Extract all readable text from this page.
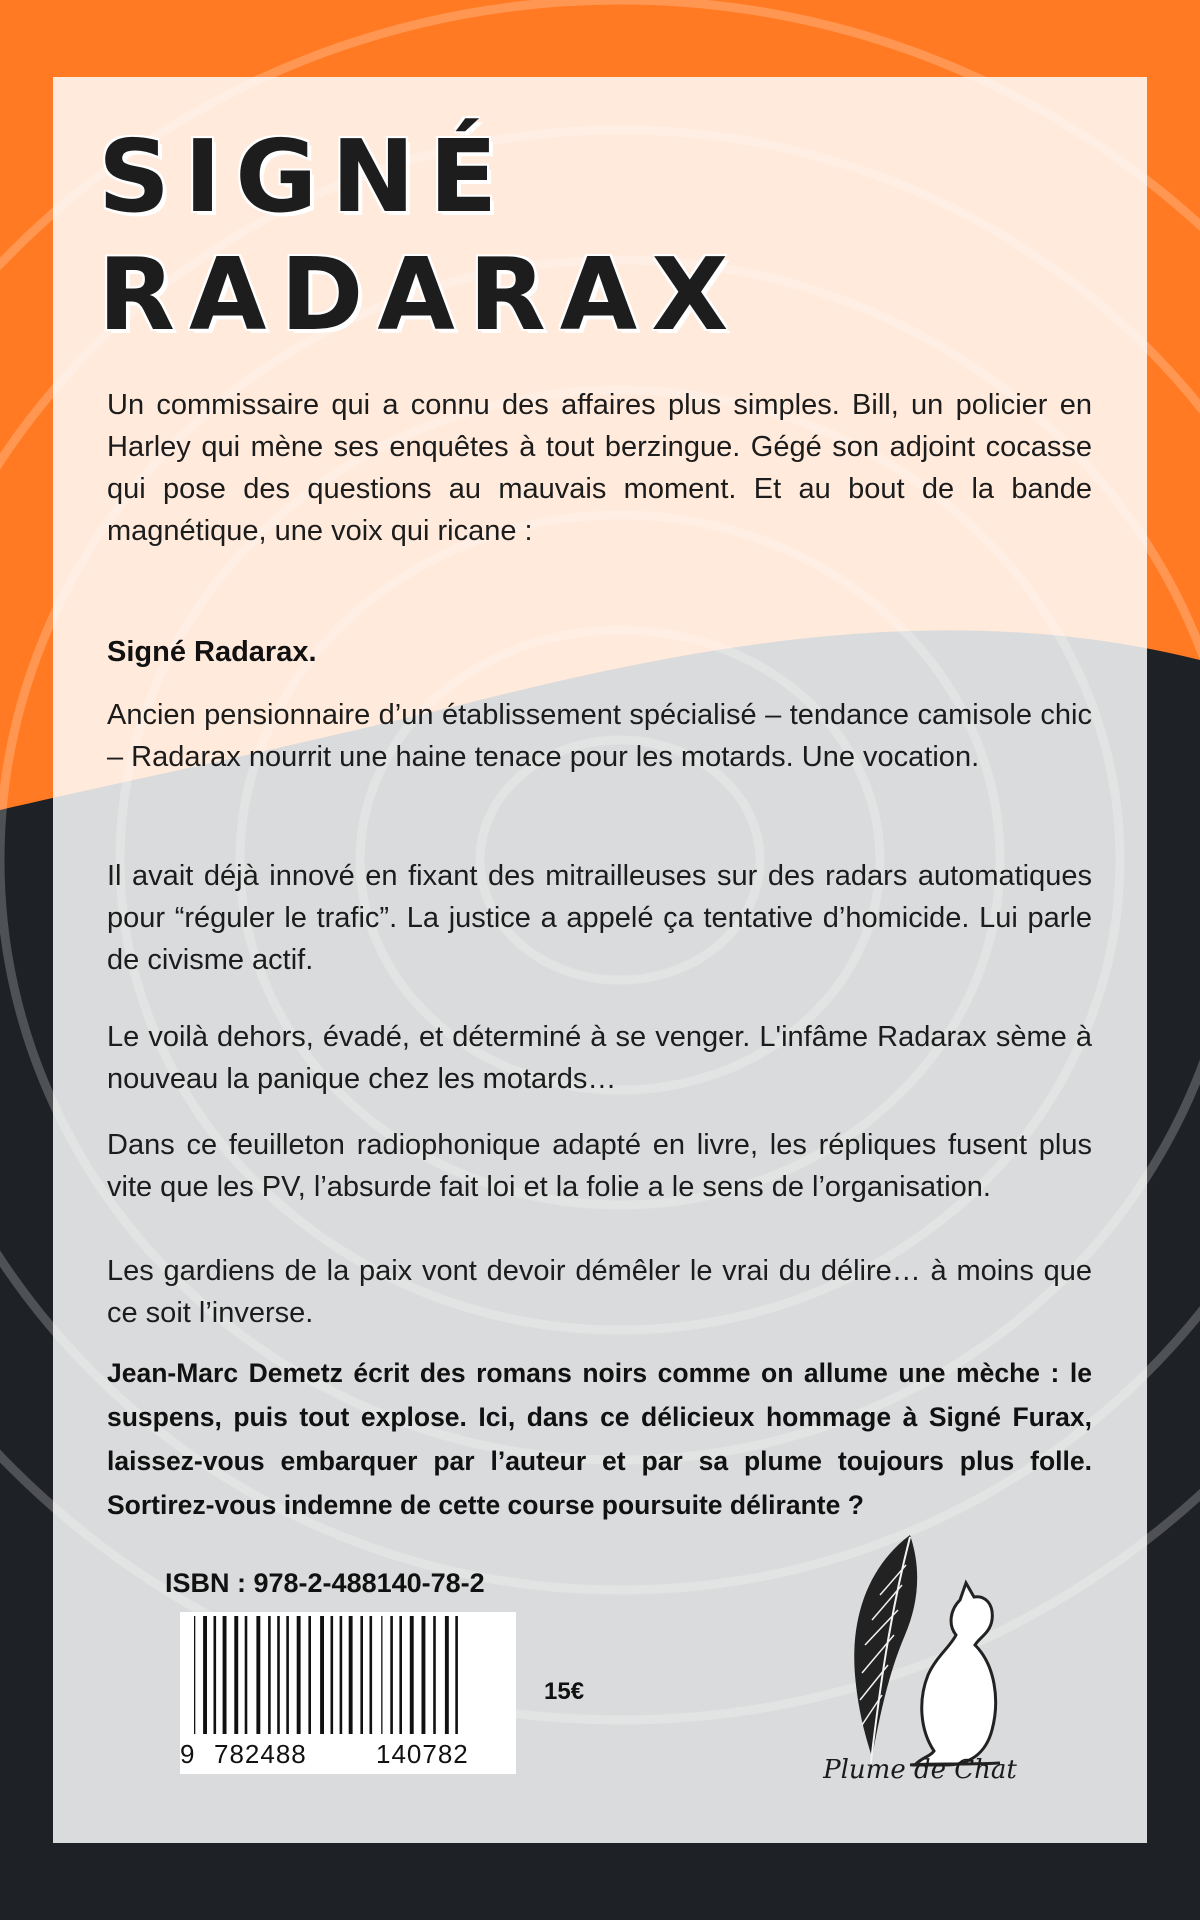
SIGNÉ
RADARAX

Un commissaire qui a connu des affaires plus simples. Bill, un policier en Harley qui mène ses enquêtes à tout berzingue. Gégé son adjoint cocasse qui pose des questions au mauvais moment. Et au bout de la bande magnétique, une voix qui ricane :

Signé Radarax.

Ancien pensionnaire d’un établissement spécialisé – tendance camisole chic – Radarax nourrit une haine tenace pour les motards. Une vocation.

Il avait déjà innové en fixant des mitrailleuses sur des radars automatiques pour “réguler le trafic”. La justice a appelé ça tentative d’homicide. Lui parle de civisme actif.

Le voilà dehors, évadé, et déterminé à se venger. L'infâme Radarax sème à nouveau la panique chez les motards…

Dans ce feuilleton radiophonique adapté en livre, les répliques fusent plus vite que les PV, l’absurde fait loi et la folie a le sens de l’organisation.

Les gardiens de la paix vont devoir démêler le vrai du délire… à moins que ce soit l’inverse.

Jean-Marc Demetz écrit des romans noirs comme on allume une mèche : le suspens, puis tout explose. Ici, dans ce délicieux hommage à Signé Furax, laissez-vous embarquer par l’auteur et par sa plume toujours plus folle. Sortirez-vous indemne de cette course poursuite délirante ?

ISBN : 978-2-488140-78-2

9 782488	140782

15€

Plume de Chat
